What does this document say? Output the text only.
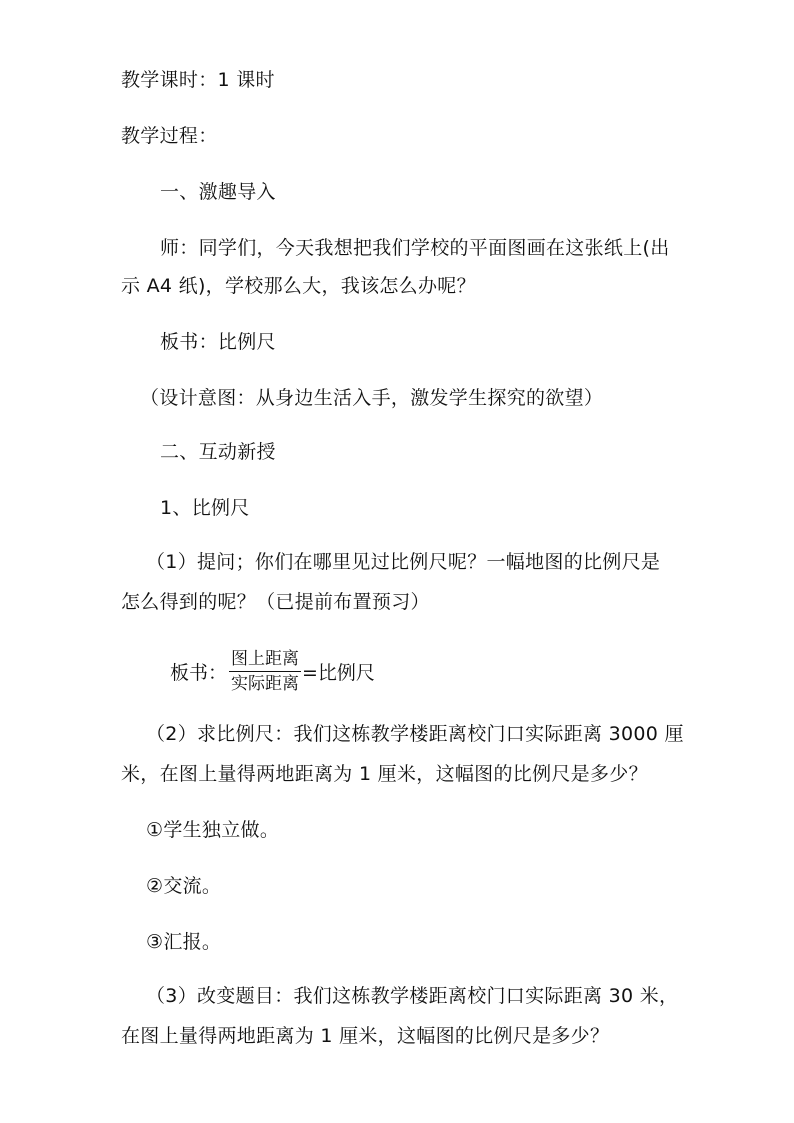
教学课时：1 课时
教学过程：
一、激趣导入
师：同学们，今天我想把我们学校的平面图画在这张纸上(出
示 A4 纸)，学校那么大，我该怎么办呢？
板书：比例尺
（设计意图：从身边生活入手，激发学生探究的欲望）
二、互动新授
1、比例尺
（1）提问；你们在哪里见过比例尺呢？一幅地图的比例尺是
怎么得到的呢？（已提前布置预习）
板书： $\frac{\text{图上距离}}{\text{实际距离}}$ =比例尺
（2）求比例尺：我们这栋教学楼距离校门口实际距离 3000 厘
米，在图上量得两地距离为 1 厘米，这幅图的比例尺是多少？
①学生独立做。
②交流。
③汇报。
（3）改变题目：我们这栋教学楼距离校门口实际距离 30 米，
在图上量得两地距离为 1 厘米，这幅图的比例尺是多少？
